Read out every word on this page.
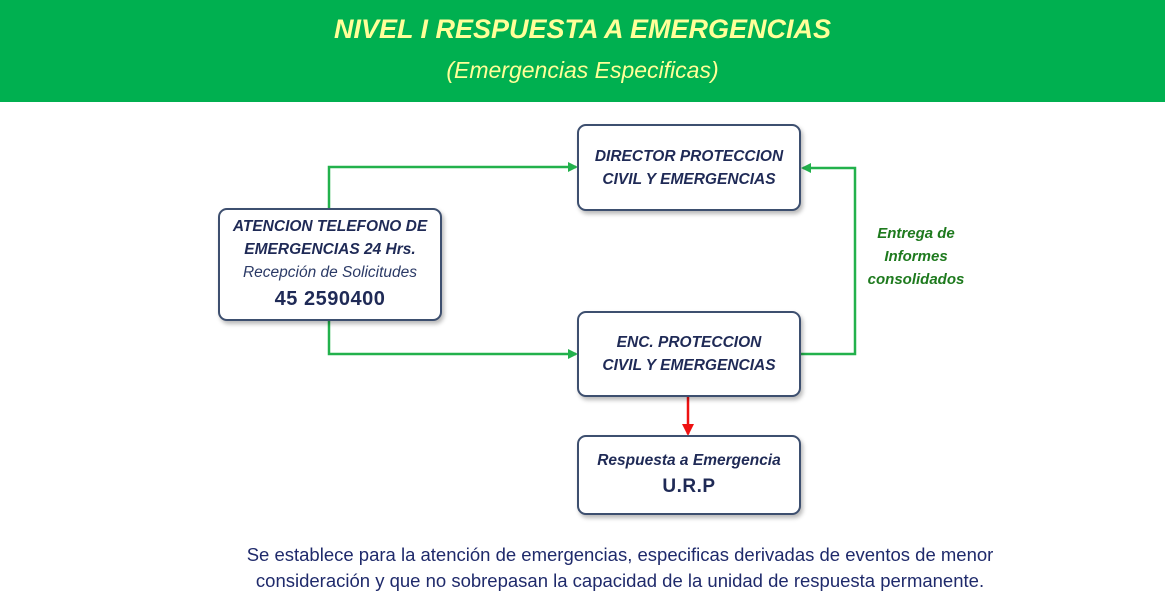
NIVEL I RESPUESTA A EMERGENCIAS
(Emergencias Especificas)
ATENCION TELEFONO DE
EMERGENCIAS 24 Hrs.
Recepción de Solicitudes
45 2590400
DIRECTOR PROTECCION
CIVIL Y EMERGENCIAS
ENC. PROTECCION
CIVIL Y EMERGENCIAS
Respuesta a Emergencia
U.R.P
Entrega de
Informes
consolidados
Se establece para la atención de emergencias, especificas derivadas de eventos de menor
consideración y que no sobrepasan la capacidad de la unidad de respuesta permanente.
